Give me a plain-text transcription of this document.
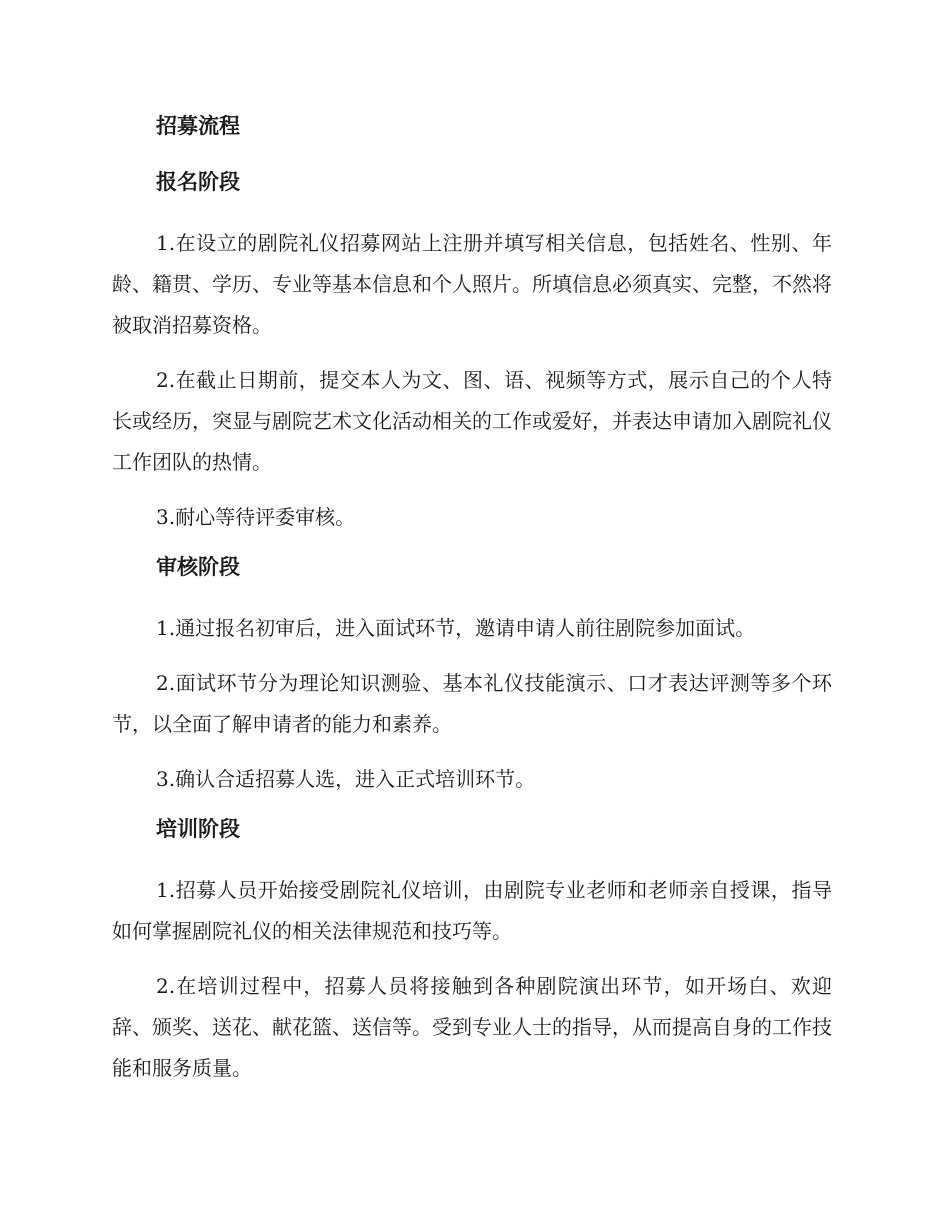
招募流程
报名阶段

1.在设立的剧院礼仪招募网站上注册并填写相关信息，包括姓名、性别、年龄、籍贯、学历、专业等基本信息和个人照片。所填信息必须真实、完整，不然将被取消招募资格。

2.在截止日期前，提交本人为文、图、语、视频等方式，展示自己的个人特长或经历，突显与剧院艺术文化活动相关的工作或爱好，并表达申请加入剧院礼仪工作团队的热情。

3.耐心等待评委审核。

审核阶段

1.通过报名初审后，进入面试环节，邀请申请人前往剧院参加面试。

2.面试环节分为理论知识测验、基本礼仪技能演示、口才表达评测等多个环节，以全面了解申请者的能力和素养。

3.确认合适招募人选，进入正式培训环节。

培训阶段

1.招募人员开始接受剧院礼仪培训，由剧院专业老师和老师亲自授课，指导如何掌握剧院礼仪的相关法律规范和技巧等。

2.在培训过程中，招募人员将接触到各种剧院演出环节，如开场白、欢迎辞、颁奖、送花、献花篮、送信等。受到专业人士的指导，从而提高自身的工作技能和服务质量。
